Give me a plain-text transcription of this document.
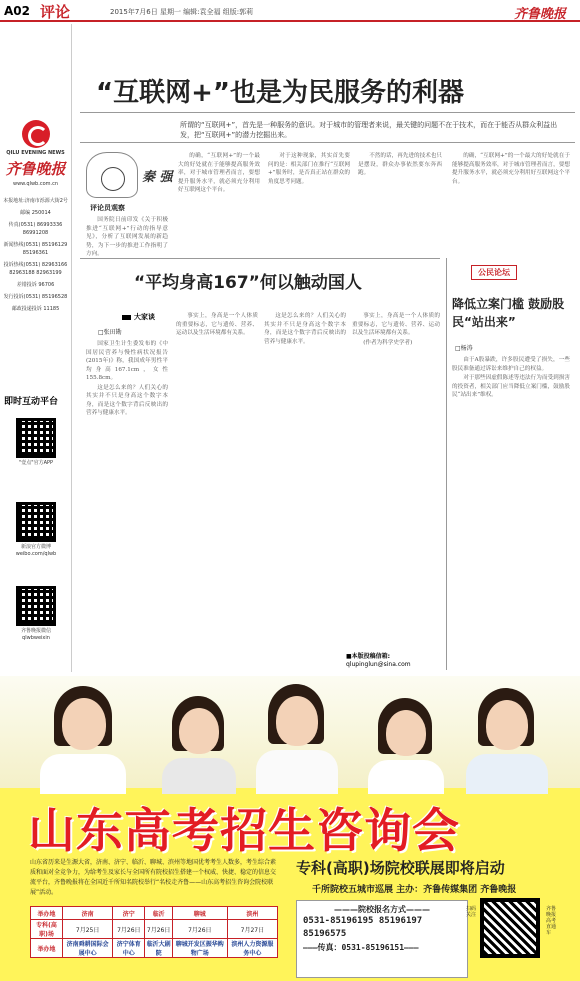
A02 评论	2015年7月6日 星期一 编辑:袁全福 组版:郭莉	齐鲁晚报
QILU EVENING NEWS
齐鲁晚报
www.qlwb.com.cn

本报地址:济南市泺源大街2号

邮编 250014

传真(0531) 86993336 86991208

新闻热线(0531) 85196129 85196361

投诉热线(0531) 82963166 82963188 82963199

差错投诉 96706

发行投诉(0531) 85196528

邮政投递投诉 11185

即时互动平台
"壹点"官方APP
新浪官方微博 weibo.com/qlwb
齐鲁晚报微信 qlwbweixin
“互联网+”也是为民服务的利器
所谓的“互联网+”，首先是一种服务的意识。对于城市的管理者来说，最关键的问题不在于技术，而在于能否从群众利益出发，把“互联网+”的潜力挖掘出来。
秦 强
评论员观察

国务院日前印发《关于积极推进“互联网+”行动的指导意见》，分析了互联网发展的新趋势，为下一步的推进工作指明了方向。

的确，“互联网+”的一个最大的好处就在于能够提高服务效率，对于城市管理者而言，要想提升服务水平，就必须充分利用好互联网这个平台。

对于这种现象，其实首先要问的是：相关部门在推行“互联网+”服务时，是否真正站在群众的角度思考问题。

不然的话，再先进的技术也只是摆设，群众办事依然要东奔西跑。

的确，“互联网+”的一个最大的好处就在于能够提高服务效率，对于城市管理者而言，要想提升服务水平，就必须充分利用好互联网这个平台。

“平均身高167”何以触动国人
大家谈
□张田勘

国家卫生计生委发布的《中国居民营养与慢性病状况报告(2015年)》称，我国成年男性平均身高167.1cm，女性155.8cm。

这是怎么来的？人们关心的其实并不只是身高这个数字本身，而是这个数字背后反映出的营养与健康水平。

事实上，身高是一个人体质的重要标志，它与遗传、营养、运动以及生活环境都有关系。

这是怎么来的？人们关心的其实并不只是身高这个数字本身，而是这个数字背后反映出的营养与健康水平。

事实上，身高是一个人体质的重要标志，它与遗传、营养、运动以及生活环境都有关系。

(作者为科学史学者)

■本版投稿信箱:
qlupinglun@sina.com
公民论坛
降低立案门槛 鼓励股民“站出来”
□杨涛

由于A股暴跌，许多股民遭受了损失，一些股民准备通过诉讼来维护自己的权益。

对于那些因虚假陈述等违法行为而受到损害的投资者，相关部门应当降低立案门槛，鼓励股民“站出来”维权。

山东高考招生咨询会
山东省历来是生源大省，济南、济宁、临沂、聊城、滨州等地国优考考生人数多，考生综合素质和面对全竞争力，为给考生及家长与全国所有院校招生搭建一个权威、快捷、稳定的信息交流平台，齐鲁晚报将在全国近千所知名院校举行“名校走齐鲁——山东高考招生咨询会院校联展”活动。
专科(高职)场院校联展即将启动
千所院校五城市巡展 主办：齐鲁传媒集团 齐鲁晚报
举办地	济南	济宁	临沂	聊城	滨州
专科(高职)场	7月25日	7月26日	7月26日	7月26日	7月27日
举办地	济南舜耕国际会展中心	济宁体育中心	临沂大剧院	聊城开发区振华购物广场	滨州人力资源服务中心
———院校报名方式———
0531-85196195 85196197
85196575
———传真：0531-85196151———
扫码关注
齐鲁晚报高考直通车
